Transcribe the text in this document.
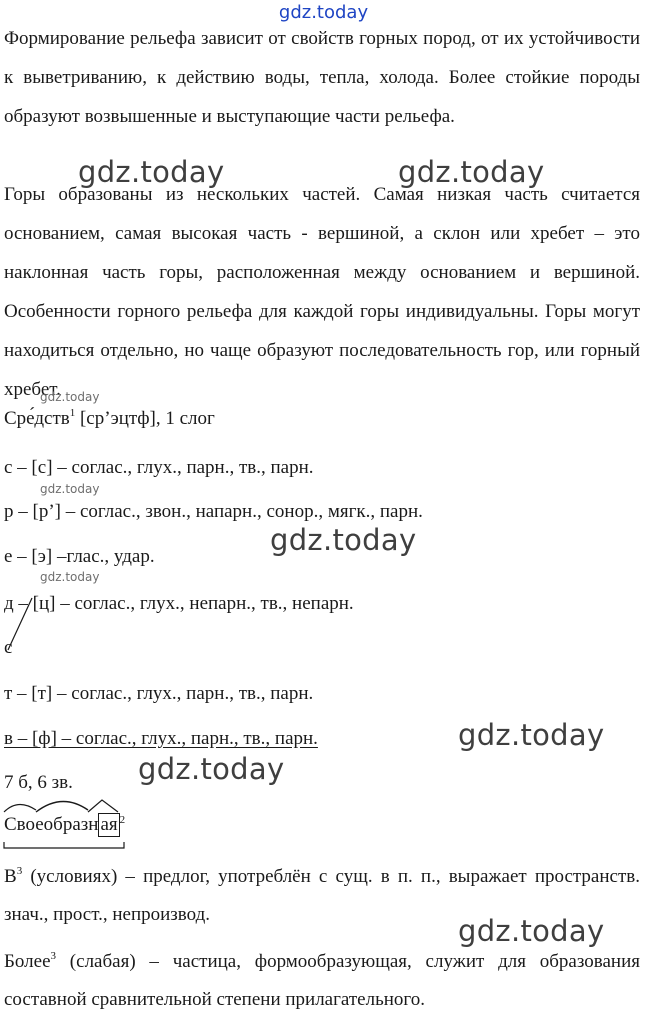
gdz.today

Формирование рельефа зависит от свойств горных пород, от их устойчивости к выветриванию, к действию воды, тепла, холода. Более стойкие породы образуют возвышенные и выступающие части рельефа.

Горы образованы из нескольких частей. Самая низкая часть считается основанием, самая высокая часть - вершиной, а склон или хребет – это наклонная часть горы, расположенная между основанием и вершиной. Особенности горного рельефа для каждой горы индивидуальны. Горы могут находиться отдельно, но чаще образуют последовательность гор, или горный хребет.

Сре́дств$^1$ [ср’эцтф], 1 слог
с – [с] – соглас., глух., парн., тв., парн.
р – [р’] – соглас., звон., напарн., сонор., мягк., парн.
е – [э] –глас., удар.
д – [ц] – соглас., глух., непарн., тв., непарн.
с
т – [т] – соглас., глух., парн., тв., парн.
в – [ф] – соглас., глух., парн., тв., парн.
7 б, 6 зв.
Своеобразн ая $^2$

$В^3$ (условиях) – предлог, употреблён с сущ. в п. п., выражает пространств. знач., прост., непроизвод.

Более$^3$ (слабая) – частица, формообразующая, служит для образования составной сравнительной степени прилагательного.

gdz.today	gdz.today
gdz.today
gdz.today
gdz.today
gdz.today
gdz.today
gdz.today
gdz.today
